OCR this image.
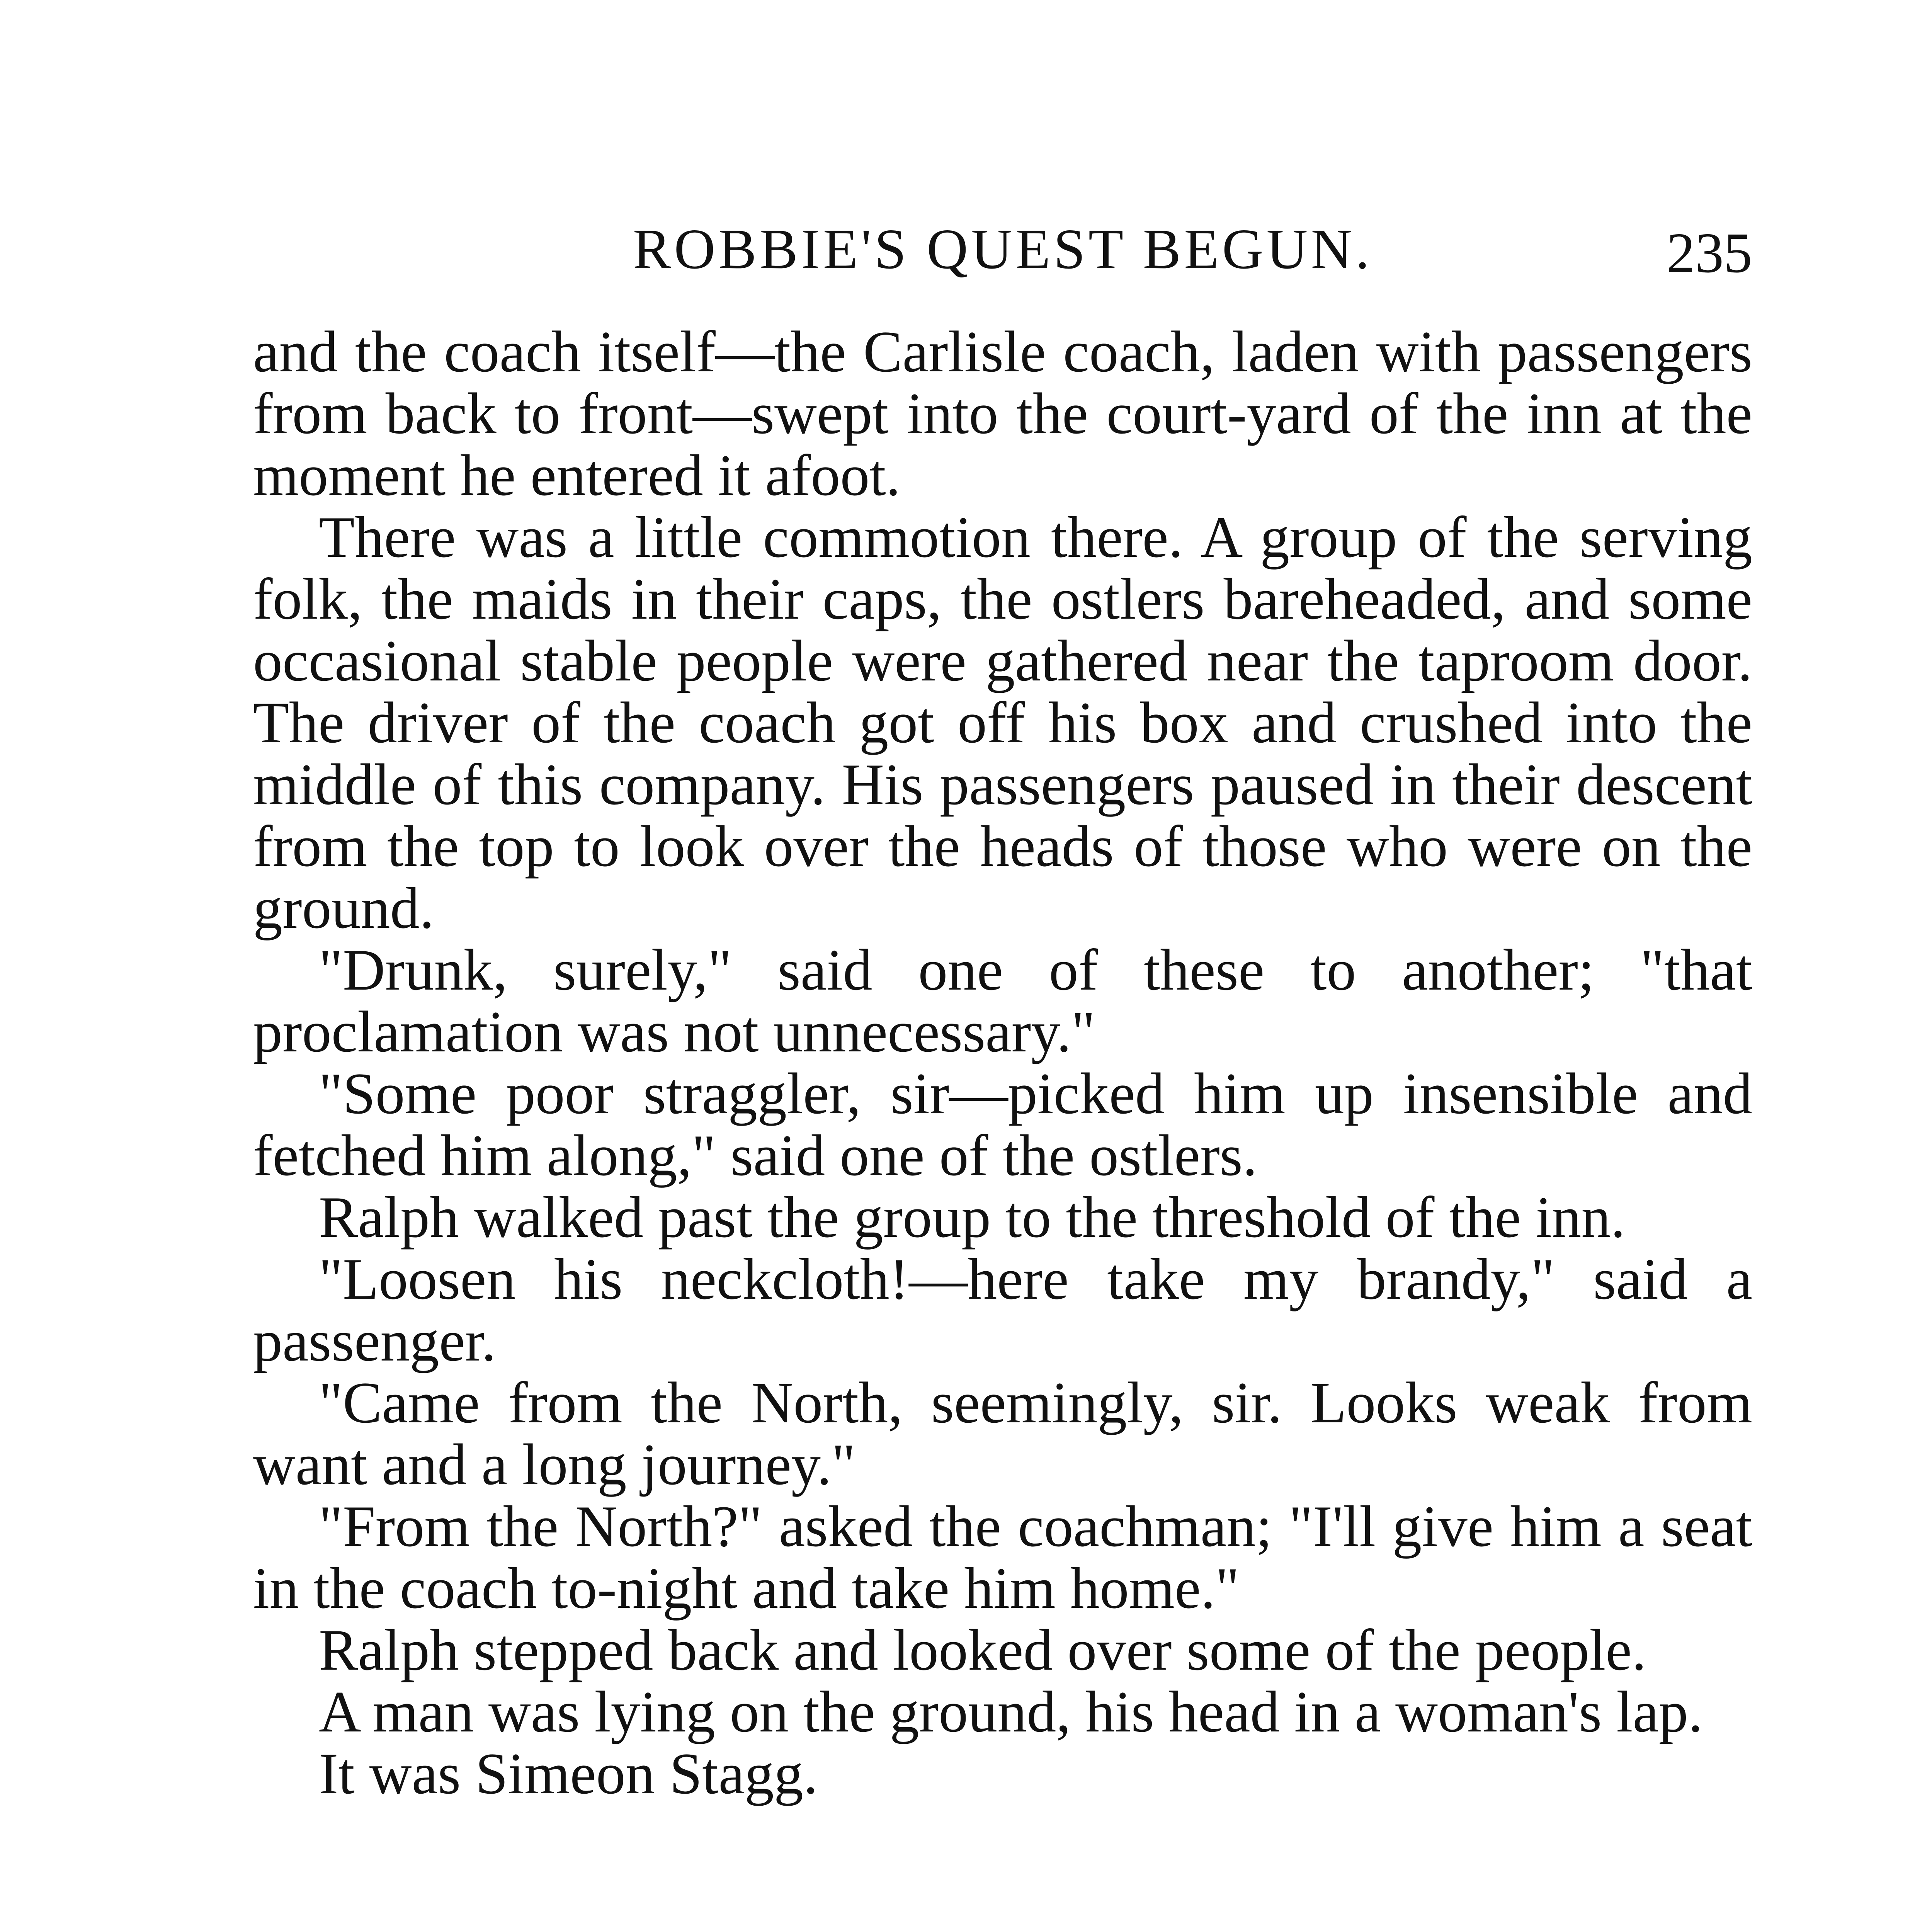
ROBBIE'S QUEST BEGUN.	235

and the coach itself—the Carlisle coach, laden with passengers from back to front—swept into the court-yard of the inn at the moment he entered it afoot.

There was a little commotion there. A group of the serving folk, the maids in their caps, the ostlers bareheaded, and some occasional stable people were gathered near the taproom door. The driver of the coach got off his box and crushed into the middle of this company. His passengers paused in their descent from the top to look over the heads of those who were on the ground.

"Drunk, surely," said one of these to another; "that proclamation was not unnecessary."

"Some poor straggler, sir—picked him up insensible and fetched him along," said one of the ostlers.

Ralph walked past the group to the threshold of the inn.

"Loosen his neckcloth!—here take my brandy," said a passenger.

"Came from the North, seemingly, sir. Looks weak from want and a long journey."

"From the North?" asked the coachman; "I'll give him a seat in the coach to-night and take him home."

Ralph stepped back and looked over some of the people.

A man was lying on the ground, his head in a woman's lap.

It was Simeon Stagg.
